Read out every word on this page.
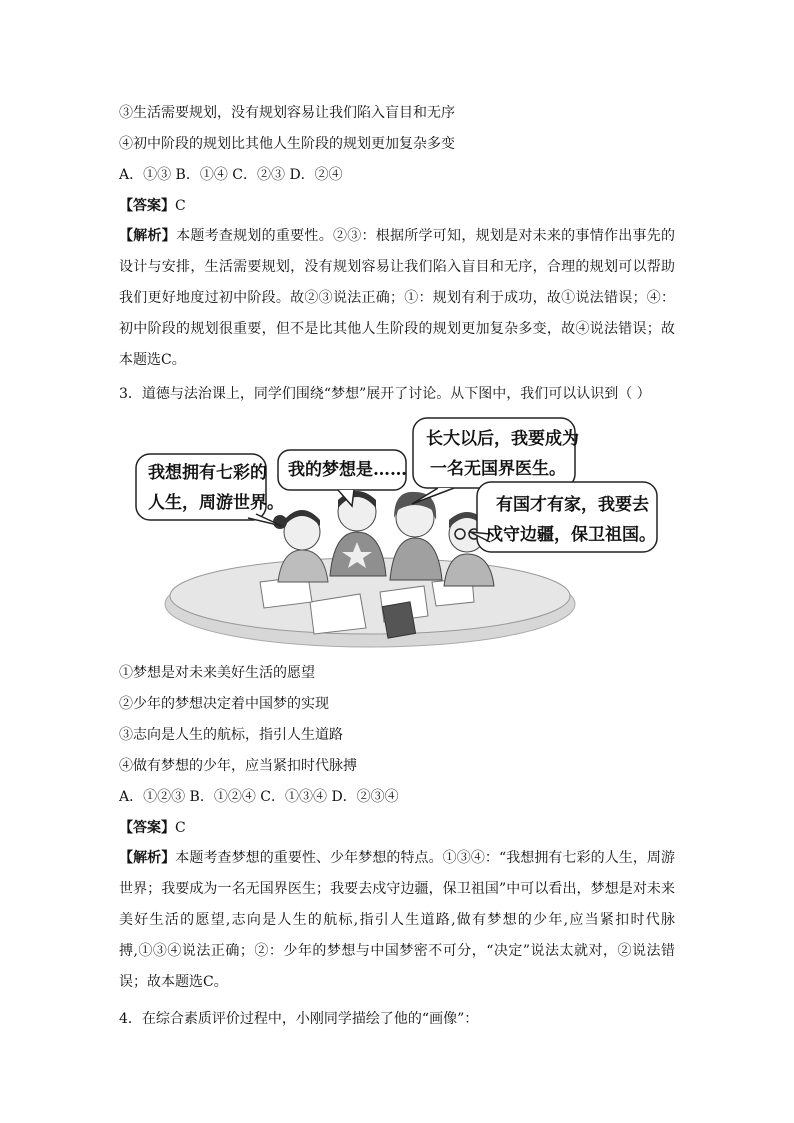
③生活需要规划，没有规划容易让我们陷入盲目和无序
④初中阶段的规划比其他人生阶段的规划更加复杂多变
A．①③ B．①④ C．②③ D．②④
【答案】C
【解析】本题考查规划的重要性。②③：根据所学可知，规划是对未来的事情作出事先的设计与安排，生活需要规划，没有规划容易让我们陷入盲目和无序，合理的规划可以帮助我们更好地度过初中阶段。故②③说法正确；①：规划有利于成功，故①说法错误；④：初中阶段的规划很重要，但不是比其他人生阶段的规划更加复杂多变，故④说法错误；故本题选C。
3．道德与法治课上，同学们围绕“梦想”展开了讨论。从下图中，我们可以认识到（ ）
我想拥有七彩的
人生，周游世界。
我的梦想是……
长大以后，我要成为
一名无国界医生。
有国才有家，我要去
戍守边疆，保卫祖国。
①梦想是对未来美好生活的愿望
②少年的梦想决定着中国梦的实现
③志向是人生的航标，指引人生道路
④做有梦想的少年，应当紧扣时代脉搏
A．①②③ B．①②④ C．①③④ D．②③④
【答案】C
【解析】本题考查梦想的重要性、少年梦想的特点。①③④：“我想拥有七彩的人生，周游世界；我要成为一名无国界医生；我要去戍守边疆，保卫祖国”中可以看出，梦想是对未来美好生活的愿望,志向是人生的航标,指引人生道路,做有梦想的少年,应当紧扣时代脉搏,①③④说法正确；②：少年的梦想与中国梦密不可分，“决定”说法太就对，②说法错误；故本题选C。
4．在综合素质评价过程中，小刚同学描绘了他的“画像”：
